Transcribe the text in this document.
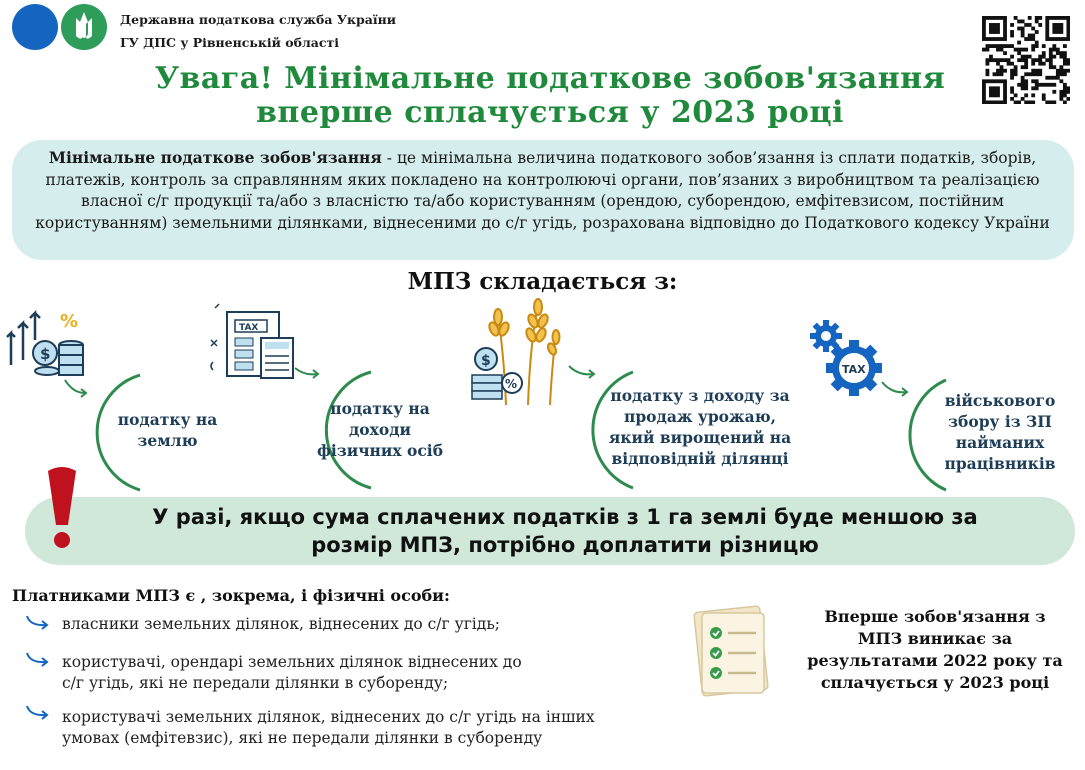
Державна податкова служба України
ГУ ДПС у Рівненській області
Увага! Мінімальне податкове зобов'язання
вперше сплачується у 2023 році
Мінімальне податкове зобов'язання - це мінімальна величина податкового зобов’язання із сплати податків, зборів, платежів, контроль за справлянням яких покладено на контролюючі органи, пов’язаних з виробництвом та реалізацією власної с/г продукції та/або з власністю та/або користуванням (орендою, суборендою, емфітевзисом, постійним користуванням) земельними ділянками, віднесеними до с/г угідь, розрахована відповідно до Податкового кодексу України
МПЗ складається з:
%
$
податку на
землю
TAX
податку на
доходи
фізичних осіб
$
%
податку з доходу за
продаж урожаю,
який вирощений на
відповідній ділянці
TAX
військового
збору із ЗП
найманих
працівників
У разі, якщо сума сплачених податків з 1 га землі буде меншою за
розмір МПЗ, потрібно доплатити різницю
Платниками МПЗ є , зокрема, і фізичні особи:
власники земельних ділянок, віднесених до с/г угідь;
користувачі, орендарі земельних ділянок віднесених до
с/г угідь, які не передали ділянки в суборенду;
користувачі земельних ділянок, віднесених до с/г угідь на інших
умовах (емфітевзис), які не передали ділянки в суборенду
Вперше зобов'язання з
МПЗ виникає за
результатами 2022 року та
сплачується у 2023 році
